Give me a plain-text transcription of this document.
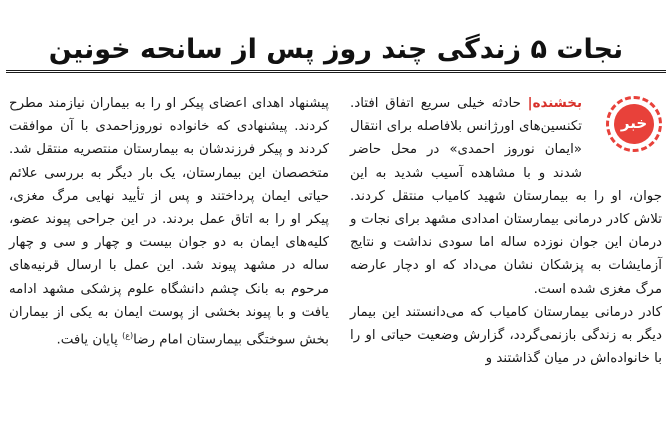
نجات ۵ زندگی چند روز پس از سانحه خونین
خبر

بخشنده| حادثه خیلی سریع اتفاق افتاد. تکنسین‌های اورژانس بلافاصله برای انتقال «ایمان نوروز احمدی» در محل حاضر شدند و با مشاهده آسیب شدید به این جوان، او را به بیمارستان شهید کامیاب منتقل کردند. تلاش کادر درمانی بیمارستان امدادی مشهد برای نجات و درمان این جوان نوزده ساله اما سودی نداشت و نتایج آزمایشات به پزشکان نشان می‌داد که او دچار عارضه مرگ مغزی شده است.

کادر درمانی بیمارستان کامیاب که می‌دانستند این بیمار دیگر به زندگی بازنمی‌گردد، گزارش وضعیت حیاتی او را با خانواده‌اش در میان گذاشتند و

پیشنهاد اهدای اعضای پیکر او را به بیماران نیازمند مطرح کردند. پیشنهادی که خانواده نوروزاحمدی با آن موافقت کردند و پیکر فرزندشان به بیمارستان منتصریه منتقل شد. متخصصان این بیمارستان، یک بار دیگر به بررسی علائم حیاتی ایمان پرداختند و پس از تأیید نهایی مرگ مغزی، پیکر او را به اتاق عمل بردند. در این جراحی پیوند عضو، کلیه‌های ایمان به دو جوان بیست و چهار و سی و چهار ساله در مشهد پیوند شد. این عمل با ارسال قرنیه‌های مرحوم به بانک چشم دانشگاه علوم پزشکی مشهد ادامه یافت و با پیوند بخشی از پوست ایمان به یکی از بیماران بخش سوختگی بیمارستان امام رضا$^{(ع)}$ پایان یافت.
